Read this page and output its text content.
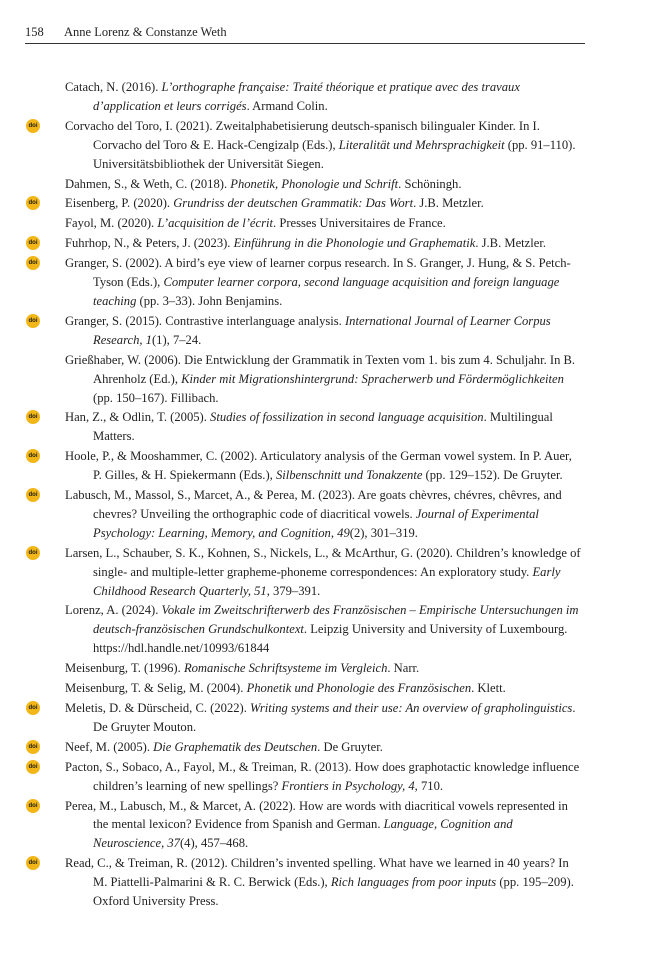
158 Anne Lorenz & Constanze Weth

Catach, N. (2016). L’orthographe française: Traité théorique et pratique avec des travaux d’application et leurs corrigés. Armand Colin.

doi Corvacho del Toro, I. (2021). Zweitalphabetisierung deutsch-spanisch bilingualer Kinder. In I. Corvacho del Toro & E. Hack-Cengizalp (Eds.), Literalität und Mehrsprachigkeit (pp. 91–110). Universitätsbibliothek der Universität Siegen.

Dahmen, S., & Weth, C. (2018). Phonetik, Phonologie und Schrift. Schöningh.

doi Eisenberg, P. (2020). Grundriss der deutschen Grammatik: Das Wort. J.B. Metzler.

Fayol, M. (2020). L’acquisition de l’écrit. Presses Universitaires de France.

doi Fuhrhop, N., & Peters, J. (2023). Einführung in die Phonologie und Graphematik. J.B. Metzler.

doi Granger, S. (2002). A bird’s eye view of learner corpus research. In S. Granger, J. Hung, & S. Petch-Tyson (Eds.), Computer learner corpora, second language acquisition and foreign language teaching (pp. 3–33). John Benjamins.

doi Granger, S. (2015). Contrastive interlanguage analysis. International Journal of Learner Corpus Research, 1(1), 7–24.

Grießhaber, W. (2006). Die Entwicklung der Grammatik in Texten vom 1. bis zum 4. Schuljahr. In B. Ahrenholz (Ed.), Kinder mit Migrationshintergrund: Spracherwerb und Fördermöglichkeiten (pp. 150–167). Fillibach.

doi Han, Z., & Odlin, T. (2005). Studies of fossilization in second language acquisition. Multilingual Matters.

doi Hoole, P., & Mooshammer, C. (2002). Articulatory analysis of the German vowel system. In P. Auer, P. Gilles, & H. Spiekermann (Eds.), Silbenschnitt und Tonakzente (pp. 129–152). De Gruyter.

doi Labusch, M., Massol, S., Marcet, A., & Perea, M. (2023). Are goats chèvres, chévres, chêvres, and chevres? Unveiling the orthographic code of diacritical vowels. Journal of Experimental Psychology: Learning, Memory, and Cognition, 49(2), 301–319.

doi Larsen, L., Schauber, S. K., Kohnen, S., Nickels, L., & McArthur, G. (2020). Children’s knowledge of single- and multiple-letter grapheme-phoneme correspondences: An exploratory study. Early Childhood Research Quarterly, 51, 379–391.

Lorenz, A. (2024). Vokale im Zweitschrifterwerb des Französischen – Empirische Untersuchungen im deutsch-französischen Grundschulkontext. Leipzig University and University of Luxembourg. https://hdl.handle.net/10993/61844

Meisenburg, T. (1996). Romanische Schriftsysteme im Vergleich. Narr.

Meisenburg, T. & Selig, M. (2004). Phonetik und Phonologie des Französischen. Klett.

doi Meletis, D. & Dürscheid, C. (2022). Writing systems and their use: An overview of grapholinguistics. De Gruyter Mouton.

doi Neef, M. (2005). Die Graphematik des Deutschen. De Gruyter.

doi Pacton, S., Sobaco, A., Fayol, M., & Treiman, R. (2013). How does graphotactic knowledge influence children’s learning of new spellings? Frontiers in Psychology, 4, 710.

doi Perea, M., Labusch, M., & Marcet, A. (2022). How are words with diacritical vowels represented in the mental lexicon? Evidence from Spanish and German. Language, Cognition and Neuroscience, 37(4), 457–468.

doi Read, C., & Treiman, R. (2012). Children’s invented spelling. What have we learned in 40 years? In M. Piattelli-Palmarini & R. C. Berwick (Eds.), Rich languages from poor inputs (pp. 195–209). Oxford University Press.
